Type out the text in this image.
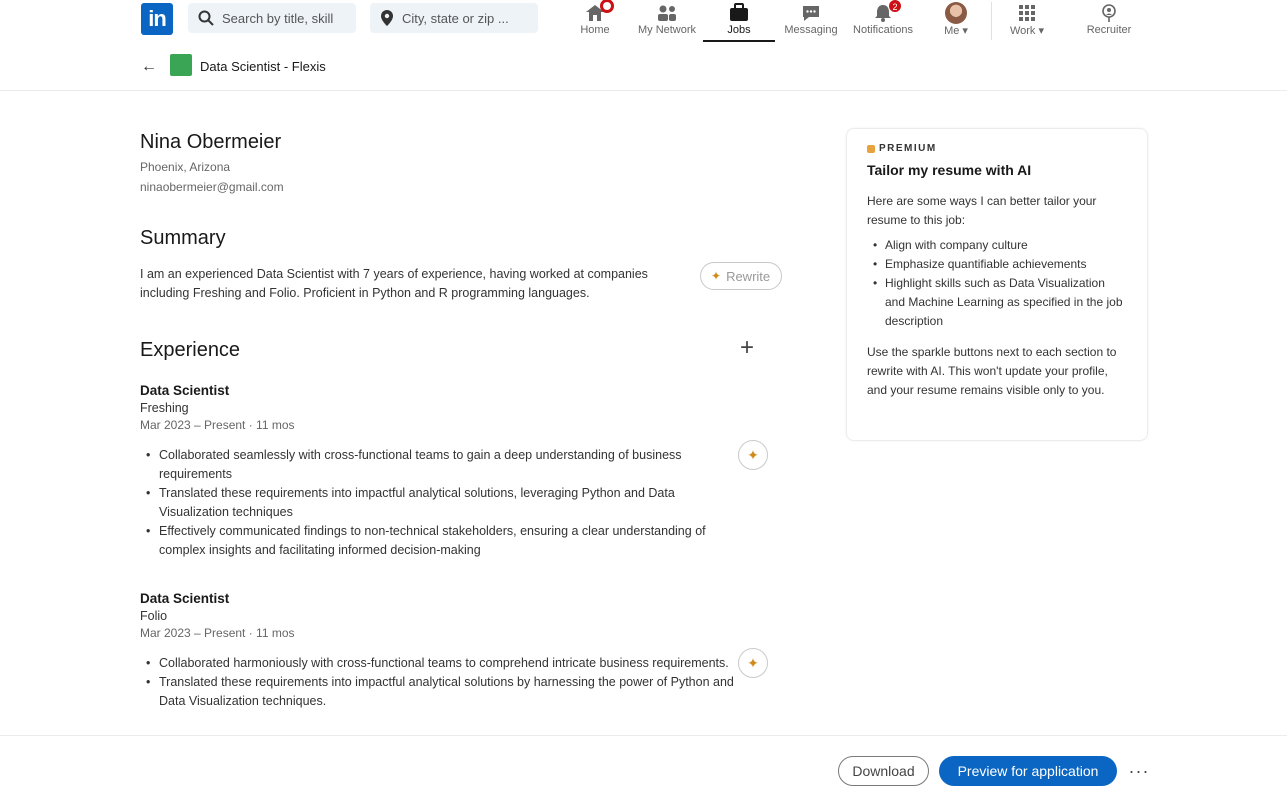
in	Search by title, skill	City, state or zip ...
Home	My Network	Jobs	Messaging
2
Notifications	Me ▾	Work ▾	Recruiter
←	Data Scientist - Flexis
Nina Obermeier
Phoenix, Arizona
ninaobermeier@gmail.com
Summary
I am an experienced Data Scientist with 7 years of experience, having worked at companies including Freshing and Folio. Proficient in Python and R programming languages.
✦ Rewrite
Experience	+
Data Scientist
Freshing
Mar 2023 – Present · 11 mos
• Collaborated seamlessly with cross-functional teams to gain a deep understanding of business requirements
• Translated these requirements into impactful analytical solutions, leveraging Python and Data Visualization techniques
• Effectively communicated findings to non-technical stakeholders, ensuring a clear understanding of complex insights and facilitating informed decision-making
✦
Data Scientist
Folio
Mar 2023 – Present · 11 mos
• Collaborated harmoniously with cross-functional teams to comprehend intricate business requirements.
• Translated these requirements into impactful analytical solutions by harnessing the power of Python and Data Visualization techniques.
✦
PREMIUM
Tailor my resume with AI
Here are some ways I can better tailor your resume to this job:
• Align with company culture
• Emphasize quantifiable achievements
• Highlight skills such as Data Visualization and Machine Learning as specified in the job description
Use the sparkle buttons next to each section to rewrite with AI. This won't update your profile, and your resume remains visible only to you.
Download	Preview for application	···
